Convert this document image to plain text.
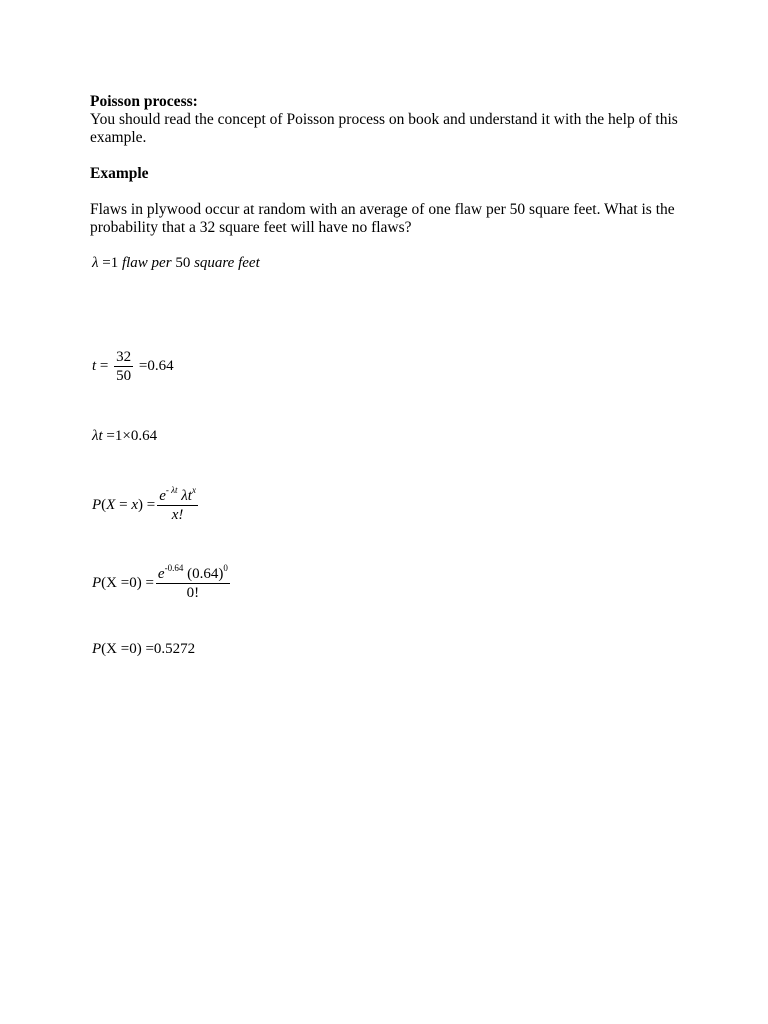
Poisson process:
You should read the concept of Poisson process on book and understand it with the help of this example.
Example
Flaws in plywood occur at random with an average of one flaw per 50 square feet. What is the probability that a 32 square feet will have no flaws?
λ =1 flaw per 50 square feet
$t = \frac{32}{50} =0.64$
λt =1×0.64
$P(X = x) = \frac{e^{- \lambda t} \lambda t^x}{x!}$
$P(X =0) = \frac{e^{-0.64} (0.64)^0}{0!}$
P(X =0) =0.5272
